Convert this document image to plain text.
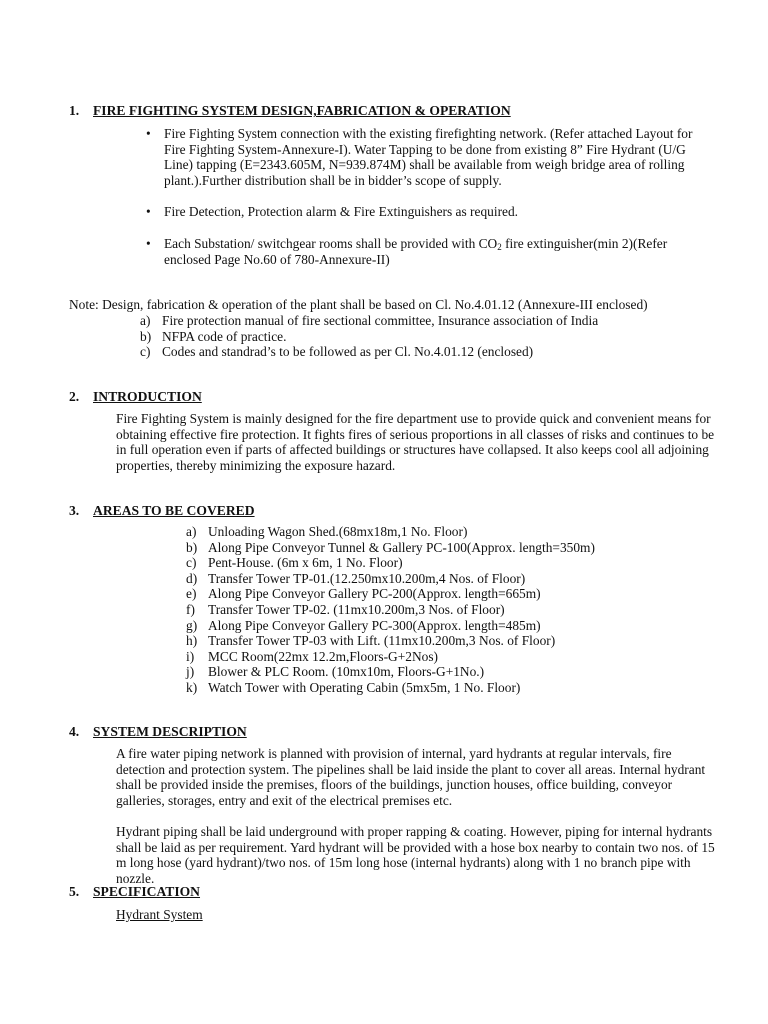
1. FIRE FIGHTING SYSTEM DESIGN,FABRICATION & OPERATION
• Fire Fighting System connection with the existing firefighting network. (Refer attached Layout for Fire Fighting System-Annexure-I). Water Tapping to be done from existing 8” Fire Hydrant (U/G Line) tapping (E=2343.605M, N=939.874M) shall be available from weigh bridge area of rolling plant.).Further distribution shall be in bidder’s scope of supply.
• Fire Detection, Protection alarm & Fire Extinguishers as required.
• Each Substation/ switchgear rooms shall be provided with $CO_2$ fire extinguisher(min 2)(Refer enclosed Page No.60 of 780-Annexure-II)
Note: Design, fabrication & operation of the plant shall be based on Cl. No.4.01.12 (Annexure-III enclosed)
a) Fire protection manual of fire sectional committee, Insurance association of India
b) NFPA code of practice.
c) Codes and standrad’s to be followed as per Cl. No.4.01.12 (enclosed)
2. INTRODUCTION
Fire Fighting System is mainly designed for the fire department use to provide quick and convenient means for obtaining effective fire protection. It fights fires of serious proportions in all classes of risks and continues to be in full operation even if parts of affected buildings or structures have collapsed. It also keeps cool all adjoining properties, thereby minimizing the exposure hazard.
3. AREAS TO BE COVERED
a) Unloading Wagon Shed.(68mx18m,1 No. Floor)
b) Along Pipe Conveyor Tunnel & Gallery PC-100(Approx. length=350m)
c) Pent-House. (6m x 6m, 1 No. Floor)
d) Transfer Tower TP-01.(12.250mx10.200m,4 Nos. of Floor)
e) Along Pipe Conveyor Gallery PC-200(Approx. length=665m)
f) Transfer Tower TP-02. (11mx10.200m,3 Nos. of Floor)
g) Along Pipe Conveyor Gallery PC-300(Approx. length=485m)
h) Transfer Tower TP-03 with Lift. (11mx10.200m,3 Nos. of Floor)
i) MCC Room(22mx 12.2m,Floors-G+2Nos)
j) Blower & PLC Room. (10mx10m, Floors-G+1No.)
k) Watch Tower with Operating Cabin (5mx5m, 1 No. Floor)
4. SYSTEM DESCRIPTION
A fire water piping network is planned with provision of internal, yard hydrants at regular intervals, fire detection and protection system. The pipelines shall be laid inside the plant to cover all areas. Internal hydrant shall be provided inside the premises, floors of the buildings, junction houses, office building, conveyor galleries, storages, entry and exit of the electrical premises etc.
Hydrant piping shall be laid underground with proper rapping & coating. However, piping for internal hydrants shall be laid as per requirement. Yard hydrant will be provided with a hose box nearby to contain two nos. of 15 m long hose (yard hydrant)/two nos. of 15m long hose (internal hydrants) along with 1 no branch pipe with nozzle.
5. SPECIFICATION
Hydrant System
